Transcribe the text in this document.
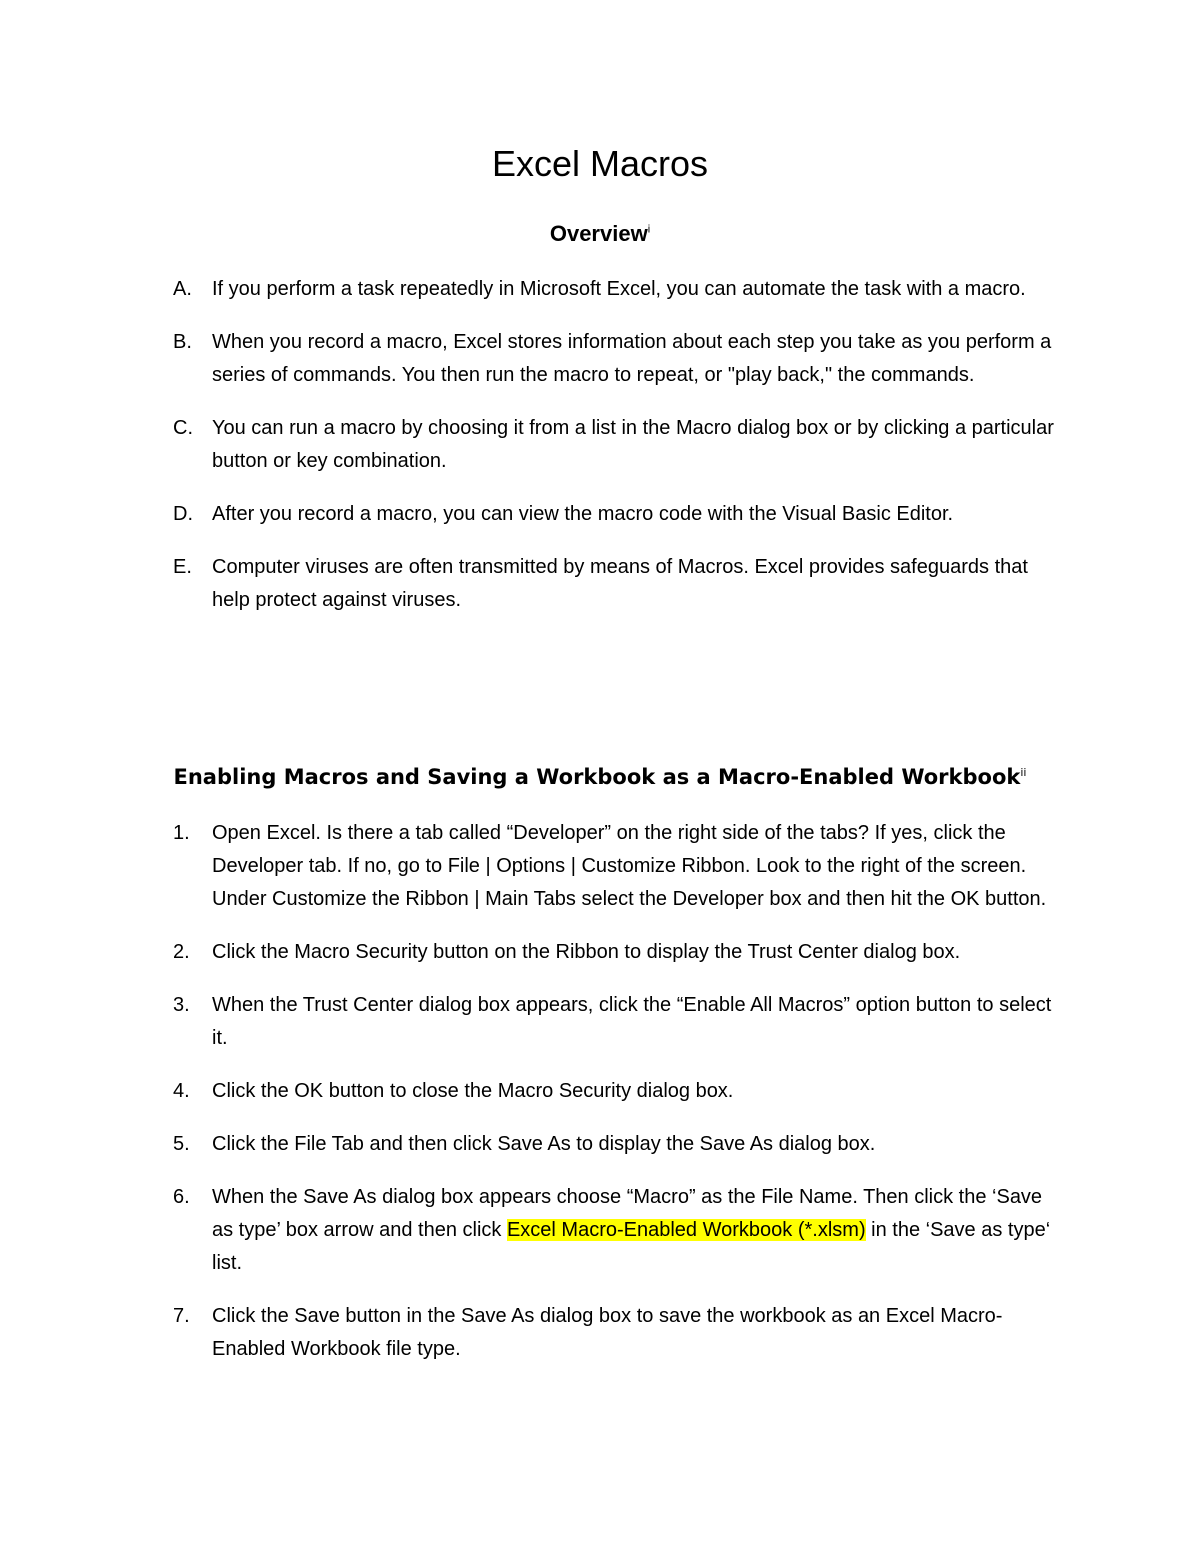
Excel Macros
Overview$^i$
A. If you perform a task repeatedly in Microsoft Excel, you can automate the task with a macro.
B. When you record a macro, Excel stores information about each step you take as you perform a series of commands. You then run the macro to repeat, or "play back," the commands.
C. You can run a macro by choosing it from a list in the Macro dialog box or by clicking a particular button or key combination.
D. After you record a macro, you can view the macro code with the Visual Basic Editor.
E. Computer viruses are often transmitted by means of Macros. Excel provides safeguards that help protect against viruses.
Enabling Macros and Saving a Workbook as a Macro-Enabled Workbook$^{ii}$
1. Open Excel. Is there a tab called “Developer” on the right side of the tabs? If yes, click the Developer tab. If no, go to File | Options | Customize Ribbon. Look to the right of the screen. Under Customize the Ribbon | Main Tabs select the Developer box and then hit the OK button.
2. Click the Macro Security button on the Ribbon to display the Trust Center dialog box.
3. When the Trust Center dialog box appears, click the “Enable All Macros” option button to select it.
4. Click the OK button to close the Macro Security dialog box.
5. Click the File Tab and then click Save As to display the Save As dialog box.
6. When the Save As dialog box appears choose “Macro” as the File Name. Then click the ‘Save as type’ box arrow and then click Excel Macro-Enabled Workbook (*.xlsm) in the ‘Save as type‘ list.
7. Click the Save button in the Save As dialog box to save the workbook as an Excel Macro-Enabled Workbook file type.
